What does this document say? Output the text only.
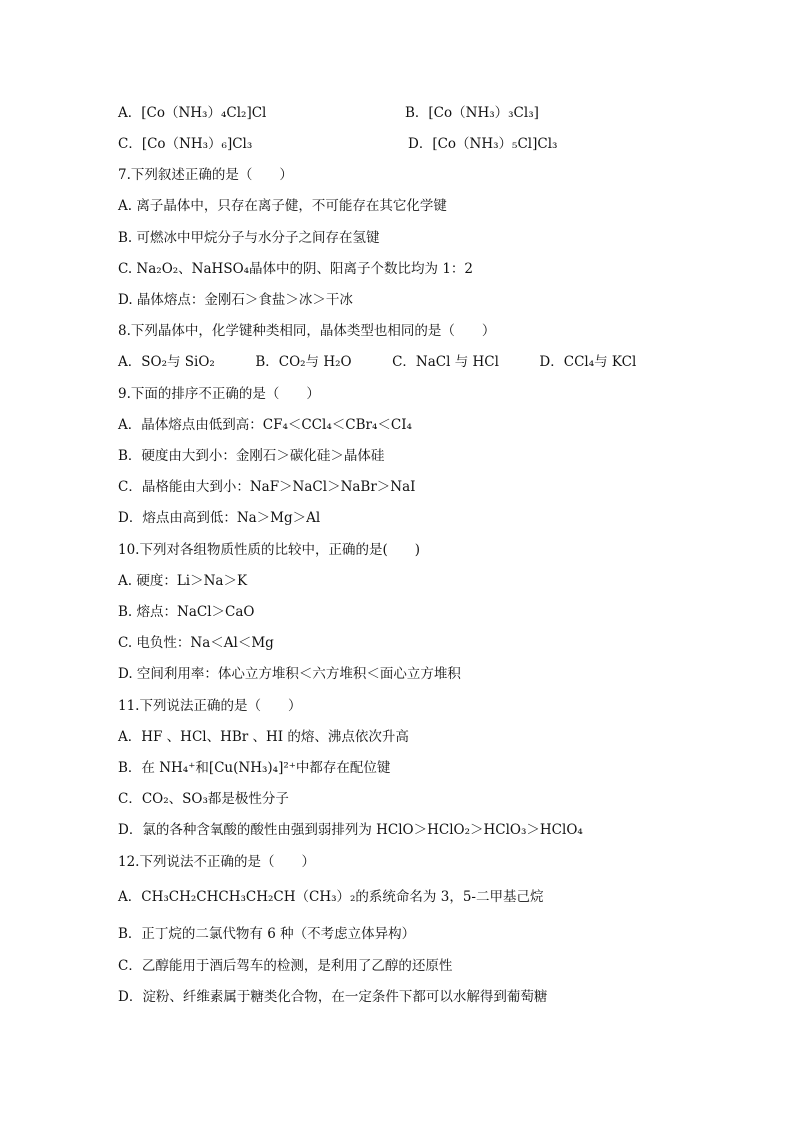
A．[Co（NH₃）₄Cl₂]Cl	B．[Co（NH₃）₃Cl₃]
C．[Co（NH₃）₆]Cl₃	D．[Co（NH₃）₅Cl]Cl₃
7.下列叙述正确的是（　　）
A. 离子晶体中，只存在离子健，不可能存在其它化学键
B. 可燃冰中甲烷分子与水分子之间存在氢键
C. Na₂O₂、NaHSO₄晶体中的阴、阳离子个数比均为 1：2
D. 晶体熔点：金刚石＞食盐＞冰＞干冰
8.下列晶体中，化学键种类相同，晶体类型也相同的是（　　）
A．SO₂与 SiO₂　　　B．CO₂与 H₂O　　　C．NaCl 与 HCl　　　D．CCl₄与 KCl
9.下面的排序不正确的是（　　）
A．晶体熔点由低到高：CF₄＜CCl₄＜CBr₄＜CI₄
B．硬度由大到小：金刚石＞碳化硅＞晶体硅
C．晶格能由大到小：NaF＞NaCl＞NaBr＞NaI
D．熔点由高到低：Na＞Mg＞Al
10.下列对各组物质性质的比较中，正确的是(　　)
A. 硬度：Li＞Na＞K
B. 熔点：NaCl＞CaO
C. 电负性：Na＜Al＜Mg
D. 空间利用率：体心立方堆积＜六方堆积＜面心立方堆积
11.下列说法正确的是（　　）
A．HF 、HCl、HBr 、HI 的熔、沸点依次升高
B．在 NH₄⁺和[Cu(NH₃)₄]²⁺中都存在配位键
C．CO₂、SO₃都是极性分子
D．氯的各种含氧酸的酸性由强到弱排列为 HClO＞HClO₂＞HClO₃＞HClO₄
12.下列说法不正确的是（　　）
A．CH₃CH₂CHCH₃CH₂CH（CH₃）₂的系统命名为 3，5-二甲基己烷
B．正丁烷的二氯代物有 6 种（不考虑立体异构）
C．乙醇能用于酒后驾车的检测，是利用了乙醇的还原性
D．淀粉、纤维素属于糖类化合物，在一定条件下都可以水解得到葡萄糖
